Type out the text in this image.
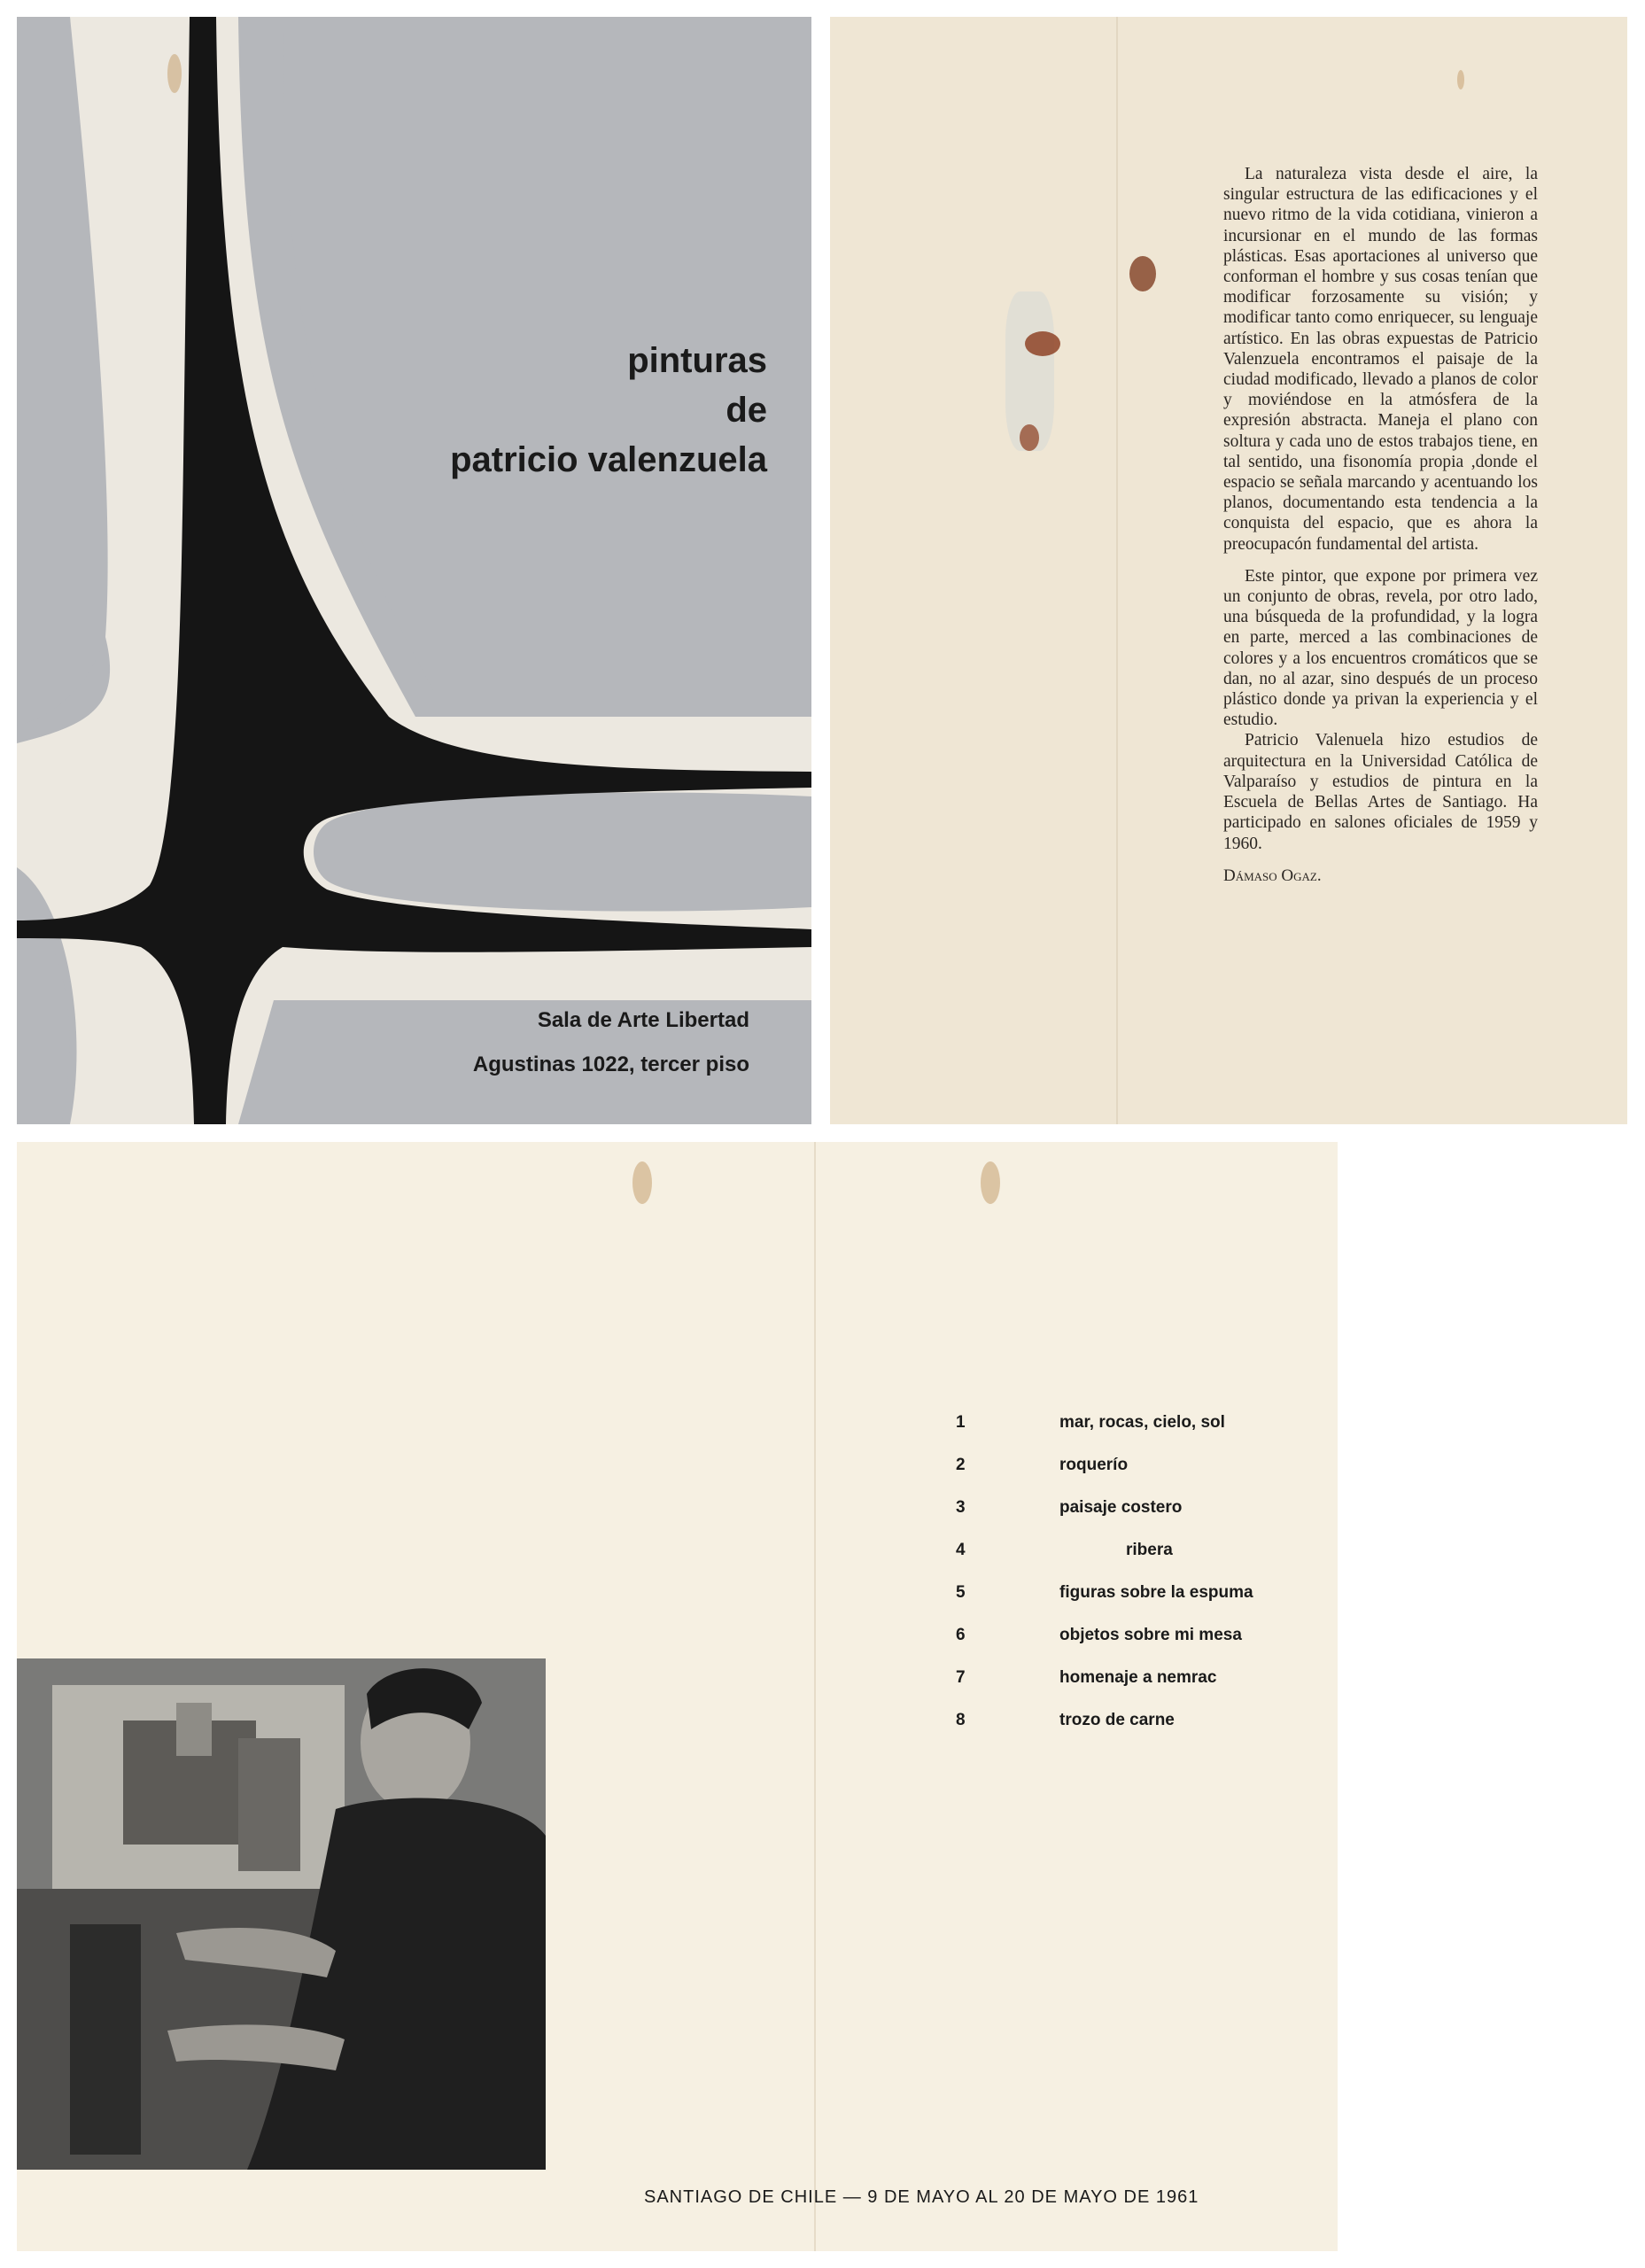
pinturas
de
patricio valenzuela
Sala de Arte Libertad
Agustinas 1022, tercer piso

La naturaleza vista desde el aire, la singular estructura de las edificaciones y el nuevo ritmo de la vida cotidiana, vinieron a incursionar en el mundo de las formas plásticas. Esas aportaciones al universo que conforman el hombre y sus cosas tenían que modificar forzosamente su visión; y modificar tanto como enriquecer, su lenguaje artístico. En las obras expuestas de Patricio Valenzuela encontramos el paisaje de la ciudad modificado, llevado a planos de color y moviéndose en la atmósfera de la expresión abstracta. Maneja el plano con soltura y cada uno de estos trabajos tiene, en tal sentido, una fisonomía propia ,donde el espacio se señala marcando y acentuando los planos, documentando esta tendencia a la conquista del espacio, que es ahora la preocupacón fundamental del artista.

Este pintor, que expone por primera vez un conjunto de obras, revela, por otro lado, una búsqueda de la profundidad, y la logra en parte, merced a las combinaciones de colores y a los encuentros cromáticos que se dan, no al azar, sino después de un proceso plástico donde ya privan la experiencia y el estudio.

Patricio Valenuela hizo estudios de arquitectura en la Universidad Católica de Valparaíso y estudios de pintura en la Escuela de Bellas Artes de Santiago. Ha participado en salones oficiales de 1959 y 1960.

Dámaso Ogaz.

1	mar, rocas, cielo, sol
2	roquerío
3	paisaje costero
4	ribera
5	figuras sobre la espuma
6	objetos sobre mi mesa
7	homenaje a nemrac
8	trozo de carne
SANTIAGO DE CHILE — 9 DE MAYO AL 20 DE MAYO DE 1961
